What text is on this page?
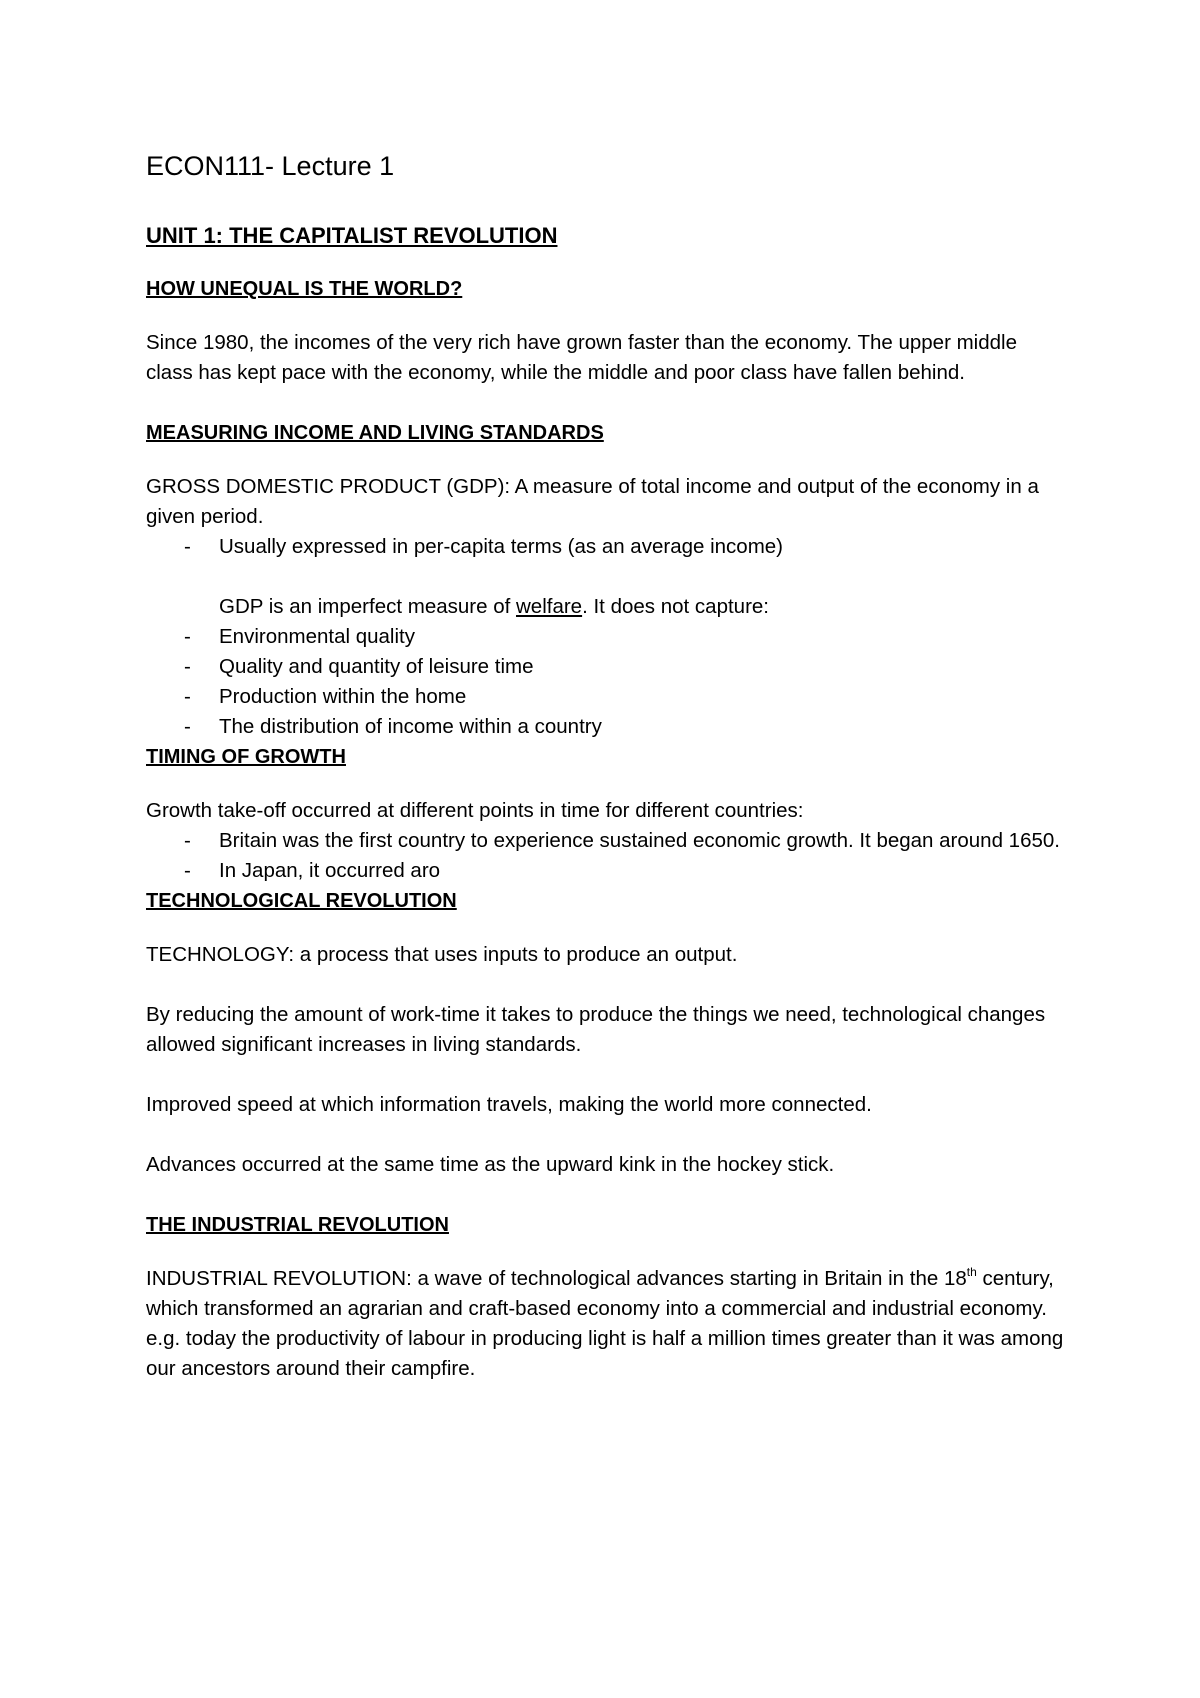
ECON111- Lecture 1
UNIT 1: THE CAPITALIST REVOLUTION
HOW UNEQUAL IS THE WORLD?

Since 1980, the incomes of the very rich have grown faster than the economy. The upper middle class has kept pace with the economy, while the middle and poor class have fallen behind.

MEASURING INCOME AND LIVING STANDARDS

GROSS DOMESTIC PRODUCT (GDP): A measure of total income and output of the economy in a given period.

- Usually expressed in per-capita terms (as an average income)
GDP is an imperfect measure of welfare. It does not capture:
- Environmental quality
- Quality and quantity of leisure time
- Production within the home
- The distribution of income within a country
TIMING OF GROWTH

Growth take-off occurred at different points in time for different countries:

- Britain was the first country to experience sustained economic growth. It began around 1650.
- In Japan, it occurred aro
TECHNOLOGICAL REVOLUTION

TECHNOLOGY: a process that uses inputs to produce an output.

By reducing the amount of work-time it takes to produce the things we need, technological changes allowed significant increases in living standards.

Improved speed at which information travels, making the world more connected.

Advances occurred at the same time as the upward kink in the hockey stick.

THE INDUSTRIAL REVOLUTION

INDUSTRIAL REVOLUTION: a wave of technological advances starting in Britain in the 18th century, which transformed an agrarian and craft-based economy into a commercial and industrial economy.

e.g. today the productivity of labour in producing light is half a million times greater than it was among our ancestors around their campfire.
